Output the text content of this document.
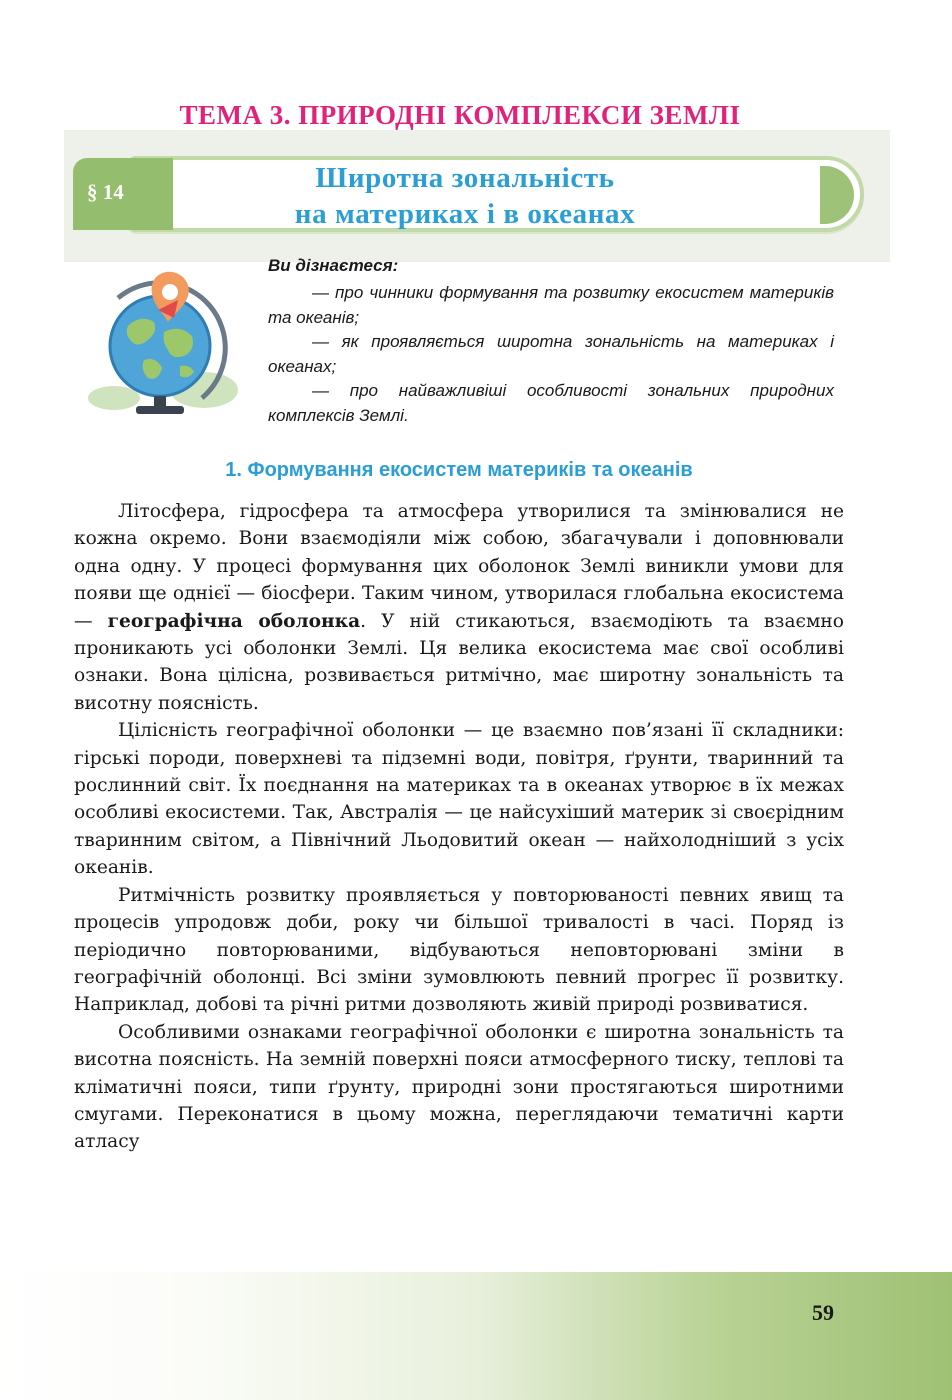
ТЕМА 3. ПРИРОДНІ КОМПЛЕКСИ ЗЕМЛІ
§ 14	Широтна зональність
на материках і в океанах
Ви дізнаєтеся:

— про чинники формування та розвитку екосистем материків та океанів;

— як проявляється широтна зональність на материках і океанах;

— про найважливіші особливості зональних природних комплексів Землі.

1. Формування екосистем материків та океанів

Літосфера, гідросфера та атмосфера утворилися та змінювалися не кожна окремо. Вони взаємодіяли між собою, збагачували і доповнювали одна одну. У процесі формування цих оболонок Землі виникли умови для появи ще однієї — біосфери. Таким чином, утворилася глобальна екосистема — географічна оболонка. У ній стикаються, взаємодіють та взаємно проникають усі оболонки Землі. Ця велика екосистема має свої особливі ознаки. Вона цілісна, розвивається ритмічно, має широтну зональність та висотну поясність.

Цілісність географічної оболонки — це взаємно пов’язані її складники: гірські породи, поверхневі та підземні води, повітря, ґрунти, тваринний та рослинний світ. Їх поєднання на материках та в океанах утворює в їх межах особливі екосистеми. Так, Австралія — це найсухіший материк зі своєрідним тваринним світом, а Північний Льодовитий океан — найхолодніший з усіх океанів.

Ритмічність розвитку проявляється у повторюваності певних явищ та процесів упродовж доби, року чи більшої тривалості в часі. Поряд із періодично повторюваними, відбуваються неповторювані зміни в географічній оболонці. Всі зміни зумовлюють певний прогрес її розвитку. Наприклад, добові та річні ритми дозволяють живій природі розвиватися.

Особливими ознаками географічної оболонки є широтна зональність та висотна поясність. На земній поверхні пояси атмосферного тиску, теплові та кліматичні пояси, типи ґрунту, природні зони простягаються широтними смугами. Переконатися в цьому можна, переглядаючи тематичні карти атласу

59
